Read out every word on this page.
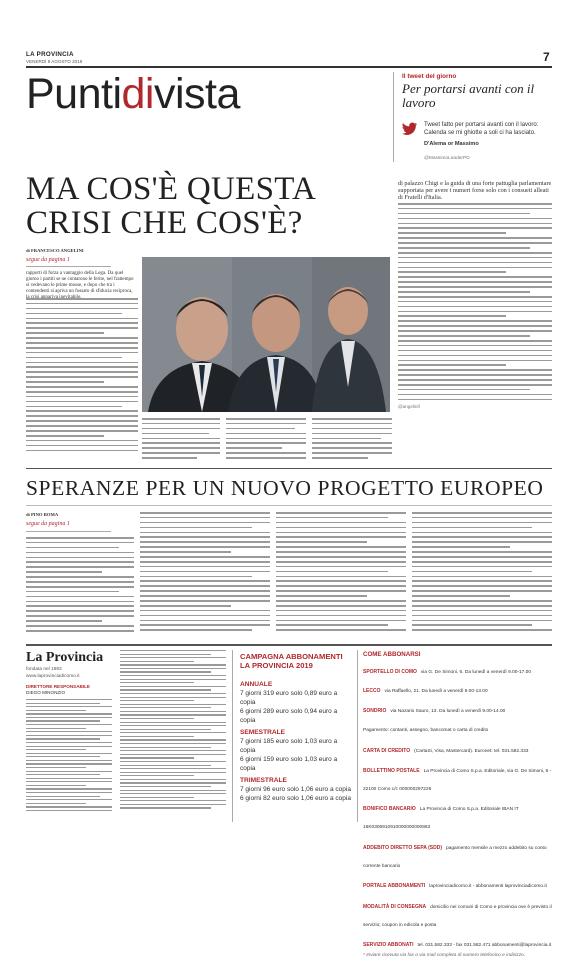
LA PROVINCIA
VENERDÌ 9 AGOSTO 2019	7
Puntidivista	Il tweet del giorno
Per portarsi avanti con il lavoro
Tweet fatto per portarsi avanti con il lavoro: Calenda se mi ghiotte a soli ci ha lasciato.
D'Alema or Massimo
@MassimoLeaderPD
MA COS'È QUESTA CRISI CHE COS'È?
di palazzo Chigi e la guida di una forte pattuglia parlamentare supportata per avere i numeri forse solo con i consueti alleati di Fratelli d'Italia.
@angelinif
di FRANCESCO ANGELINI
segue da pagina 1
rapporti di forza a vantaggio della Lega. Da quel giorno i partiti se ne contarono le ferite, nel frattempo si vedevano le prime mosse, e dopo che tra i contendenti si apriva un fossato di sfiducia reciproca,
SPERANZE PER UN NUOVO PROGETTO EUROPEO
di PINO ROMA
segue da pagina 1
La Provincia
fondata nel 1892
www.laprovinciadicomo.it
DIRETTORE RESPONSABILE
DIEGO MINONZIO
CAMPAGNA ABBONAMENTI LA PROVINCIA 2019
ANNUALE
7 giorni 319 euro solo 0,89 euro a copia
6 giorni 289 euro solo 0,94 euro a copia
SEMESTRALE
7 giorni 185 euro solo 1,03 euro a copia
6 giorni 159 euro solo 1,03 euro a copia
TRIMESTRALE
7 giorni 96 euro solo 1,06 euro a copia
6 giorni 82 euro solo 1,06 euro a copia
COME ABBONARSI
SPORTELLO DI COMO via G. De Simoni, 6. Da lunedì a venerdì 9.00-17.00
LECCO via Raffaello, 21. Da lunedì a venerdì 9.00-13.00
SONDRIO via Nazario Sauro, 13. Da lunedì a venerdì 9.00-14.00
Pagamento: contanti, assegno, bancomat o carta di credito
CARTA DI CREDITO (CartaSi, Visa, Mastercard). Euronet: tel. 031.582.333
BOLLETTINO POSTALE La Provincia di Como S.p.a. Editoriale, via G. De Simoni, 6 - 22100 Como c/c 000000297226
BONIFICO BANCARIO La Provincia di Como S.p.a. Editoriale IBAN IT 16K0306910910000000000863
ADDEBITO DIRETTO SEPA (SDD) pagamento mensile a mezzo addebito su conto corrente bancario
PORTALE ABBONAMENTI laprovinciadicomo.it - abbonamenti laprovinciadicomo.it
MODALITÀ DI CONSEGNA domicilio nei comuni di Como e provincia ove è previsto il servizio; coupon in edicola e posta
SERVIZIO ABBONATI tel. 031.582.333 - fax 031.582.471 abbonamenti@laprovincia.it
* Inviare ricevuta via fax o via mail completa di numero telefonico e indirizzo.
